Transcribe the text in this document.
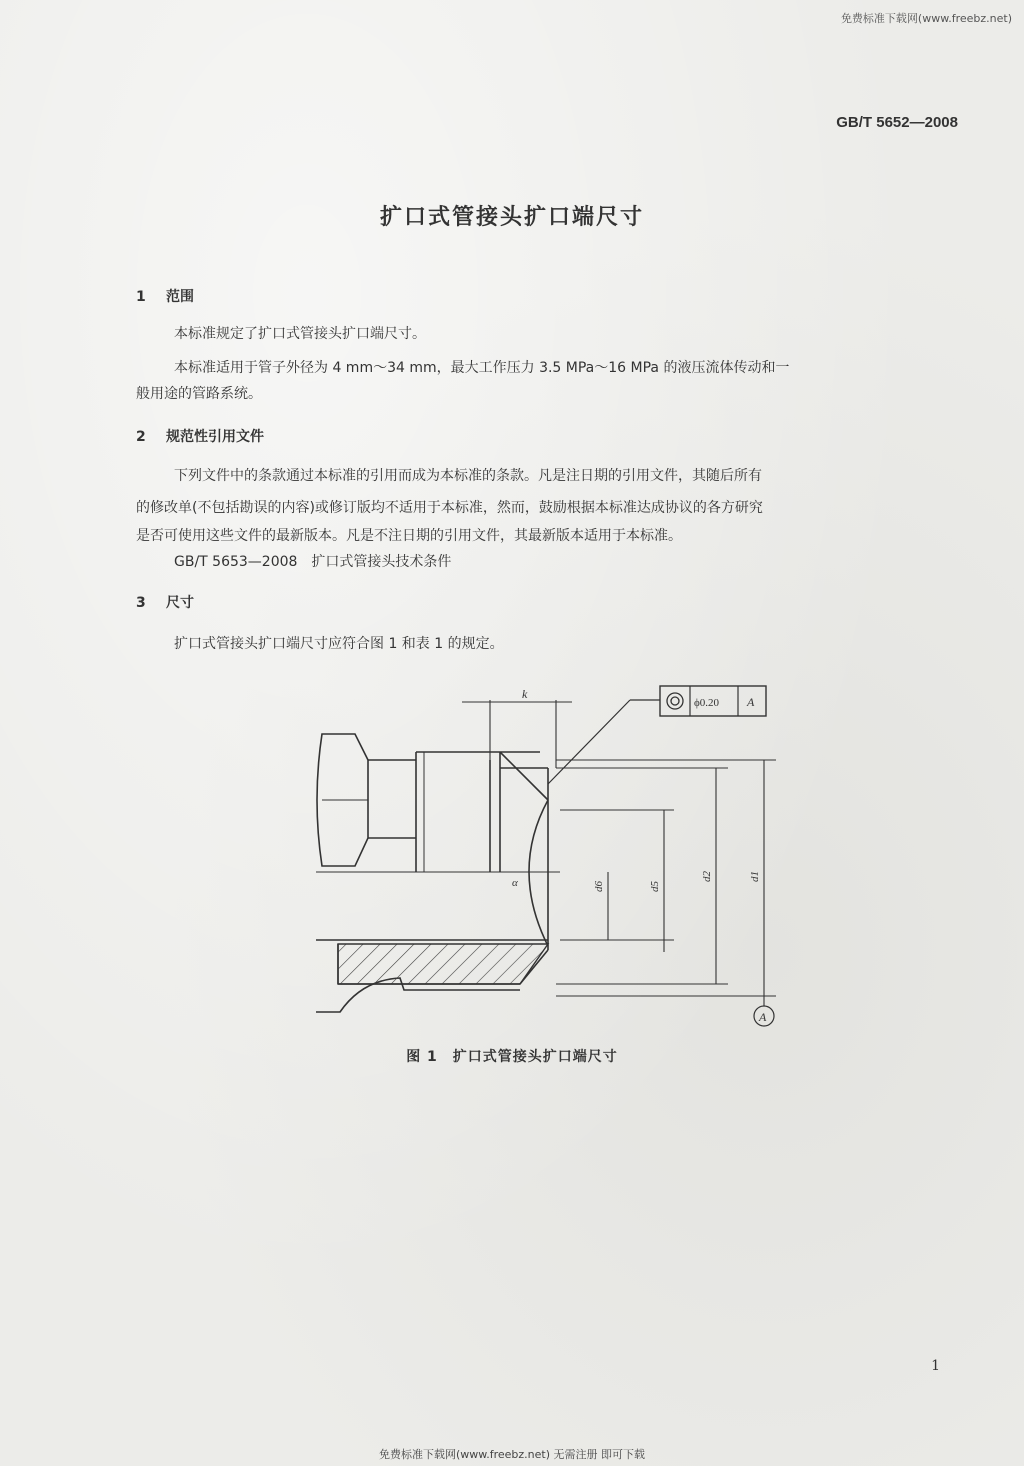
免费标准下载网(www.freebz.net)
GB/T 5652—2008
扩口式管接头扩口端尺寸
1 范围
本标准规定了扩口式管接头扩口端尺寸。
本标准适用于管子外径为 4 mm～34 mm，最大工作压力 3.5 MPa～16 MPa 的液压流体传动和一
般用途的管路系统。
2 规范性引用文件
下列文件中的条款通过本标准的引用而成为本标准的条款。凡是注日期的引用文件，其随后所有
的修改单(不包括勘误的内容)或修订版均不适用于本标准，然而，鼓励根据本标准达成协议的各方研究
是否可使用这些文件的最新版本。凡是不注日期的引用文件，其最新版本适用于本标准。
GB/T 5653—2008　扩口式管接头技术条件
3 尺寸
扩口式管接头扩口端尺寸应符合图 1 和表 1 的规定。
k
α	d6	d5
d2	d1
A
ϕ0.20 A
图 1　扩口式管接头扩口端尺寸
1
免费标准下载网(www.freebz.net) 无需注册 即可下载
